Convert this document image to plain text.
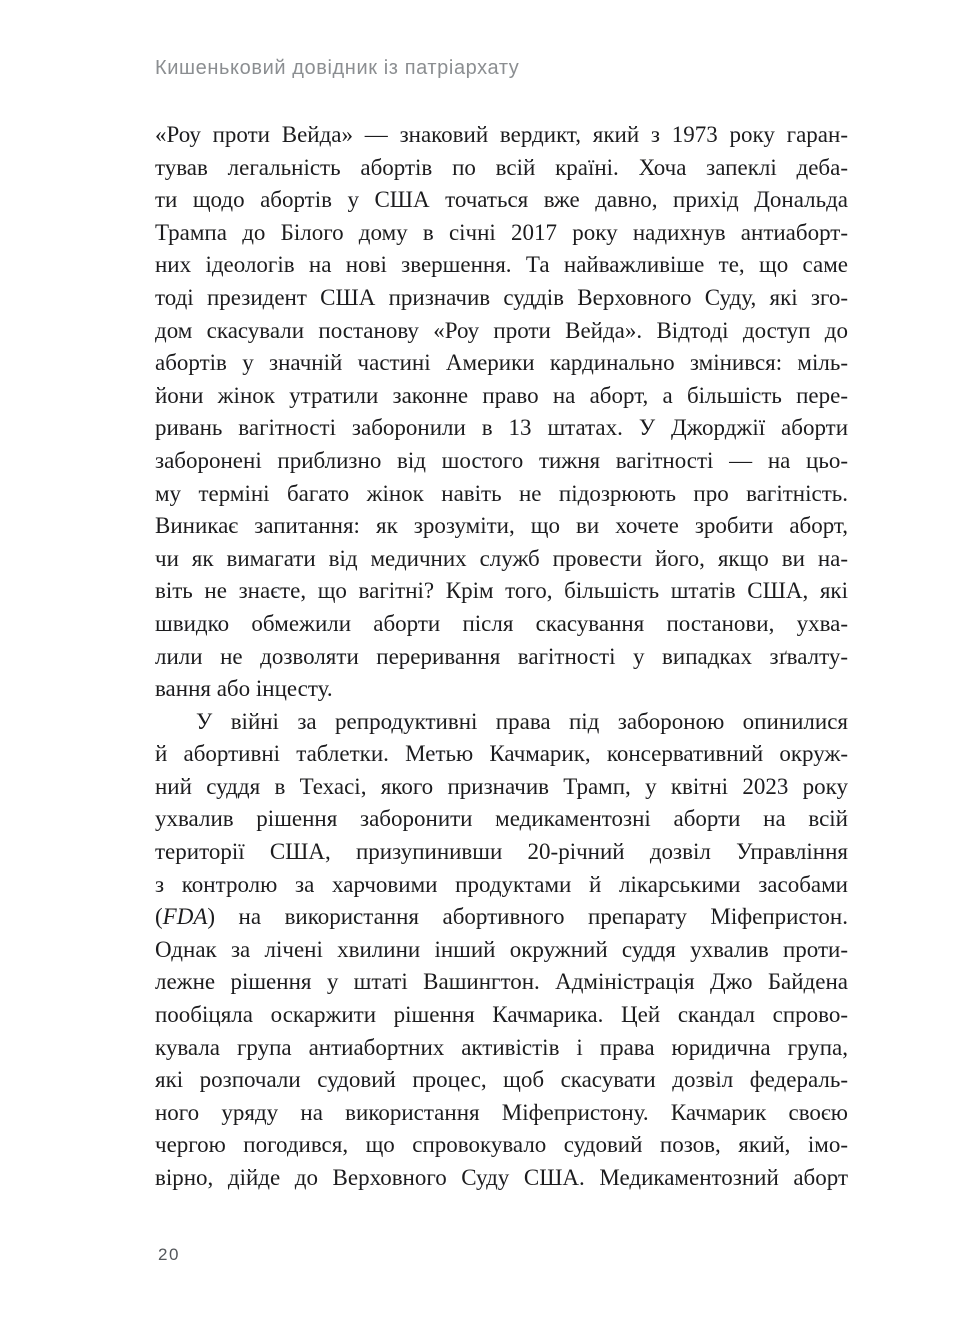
Кишеньковий довідник із патріархату
«Роу проти Вейда» — знаковий вердикт, який з 1973 року гаран-
тував легальність абортів по всій країні. Хоча запеклі деба-
ти щодо абортів у США точаться вже давно, прихід Дональда
Трампа до Білого дому в січні 2017 року надихнув антиаборт-
них ідеологів на нові звершення. Та найважливіше те, що саме
тоді президент США призначив суддів Верховного Суду, які зго-
дом скасували постанову «Роу проти Вейда». Відтоді доступ до
абортів у значній частині Америки кардинально змінився: міль-
йони жінок утратили законне право на аборт, а більшість пере-
ривань вагітності заборонили в 13 штатах. У Джорджії аборти
заборонені приблизно від шостого тижня вагітності — на цьо-
му терміні багато жінок навіть не підозрюють про вагітність.
Виникає запитання: як зрозуміти, що ви хочете зробити аборт,
чи як вимагати від медичних служб провести його, якщо ви на-
віть не знаєте, що вагітні? Крім того, більшість штатів США, які
швидко обмежили аборти після скасування постанови, ухва-
лили не дозволяти переривання вагітності у випадках зґвалту-
вання або інцесту.
У війні за репродуктивні права під забороною опинилися
й абортивні таблетки. Метью Качмарик, консервативний окруж-
ний суддя в Техасі, якого призначив Трамп, у квітні 2023 року
ухвалив рішення заборонити медикаментозні аборти на всій
території США, призупинивши 20-річний дозвіл Управління
з контролю за харчовими продуктами й лікарськими засобами
(FDA) на використання абортивного препарату Міфепристон.
Однак за лічені хвилини інший окружний суддя ухвалив проти-
лежне рішення у штаті Вашингтон. Адміністрація Джо Байдена
пообіцяла оскаржити рішення Качмарика. Цей скандал спрово-
кувала група антиабортних активістів і права юридична група,
які розпочали судовий процес, щоб скасувати дозвіл федераль-
ного уряду на використання Міфепристону. Качмарик своєю
чергою погодився, що спровокувало судовий позов, який, імо-
вірно, дійде до Верховного Суду США. Медикаментозний аборт
20
